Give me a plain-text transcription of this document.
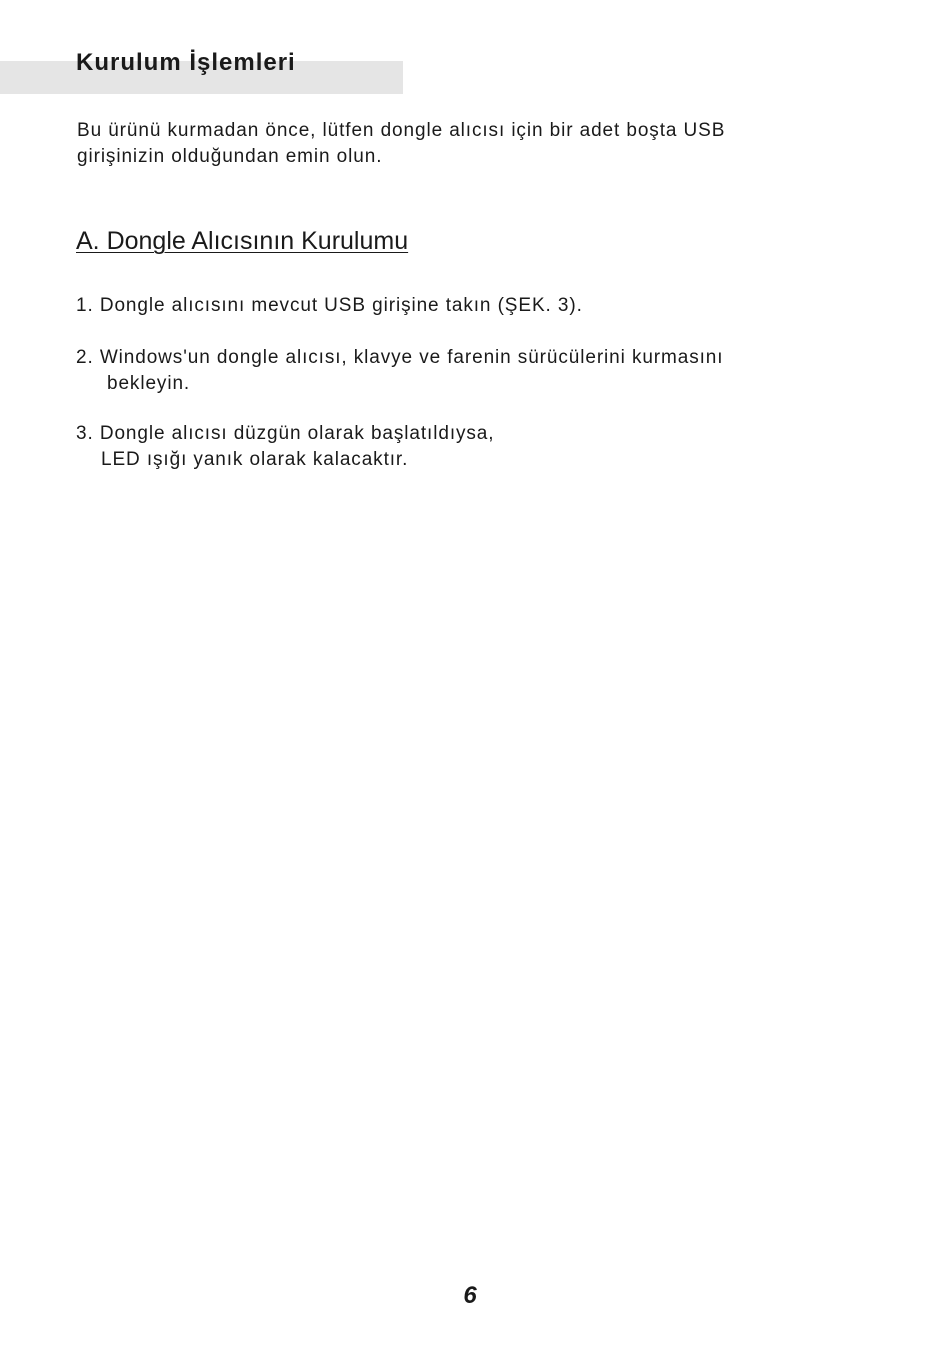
Kurulum İşlemleri

Bu ürünü kurmadan önce, lütfen dongle alıcısı için bir adet boşta USB
girişinizin olduğundan emin olun.

A. Dongle Alıcısının Kurulumu

1. Dongle alıcısını mevcut USB girişine takın (ŞEK. 3).

2. Windows'un dongle alıcısı, klavye ve farenin sürücülerini kurmasını
bekleyin.

3. Dongle alıcısı düzgün olarak başlatıldıysa,
LED ışığı yanık olarak kalacaktır.

6
